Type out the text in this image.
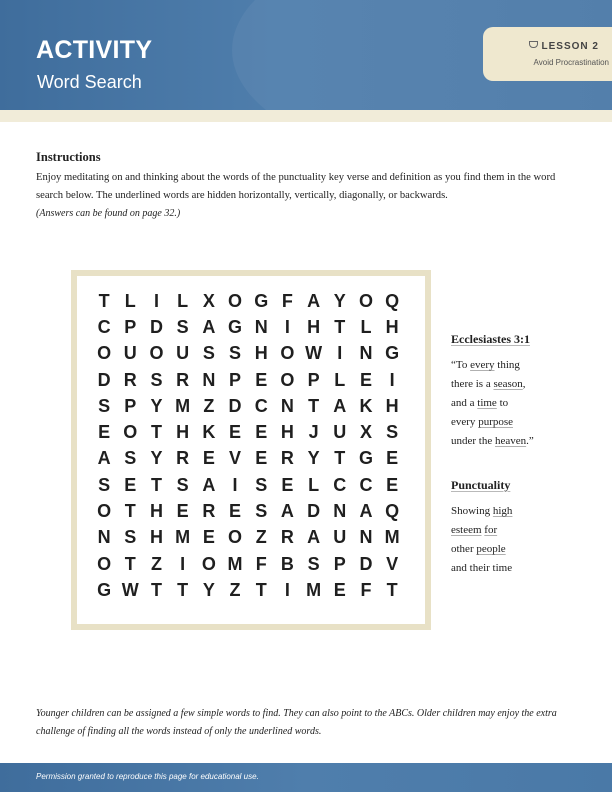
ACTIVITY
Word Search
LESSON 2
Avoid Procrastination
Instructions
Enjoy meditating on and thinking about the words of the punctuality key verse and definition as you find them in the word search below. The underlined words are hidden horizontally, vertically, diagonally, or backwards.
(Answers can be found on page 32.)
T L	I	L X O G F A Y O Q
C P D S A G N I H T L H
O U O U S S H O W I N G
D R S R N P E O P L E I
S P Y M Z D C N T A K H
E O T H K E E H J U X S
A S Y R E V E R Y T G E
S E T S A I S E L C C E
O T H E R E S A D N A Q
N S H M E O Z R A U N M
O T Z	I O M F B S P D V
G W T T Y Z T	I M E F T
Ecclesiastes 3:1
“To every thing
there is a season,
and a time to
every purpose
under the heaven.”
Punctuality
Showing high
esteem for
other people
and their time
Younger children can be assigned a few simple words to find. They can also point to the ABCs. Older children may enjoy the extra challenge of finding all the words instead of only the underlined words.
Permission granted to reproduce this page for educational use.
